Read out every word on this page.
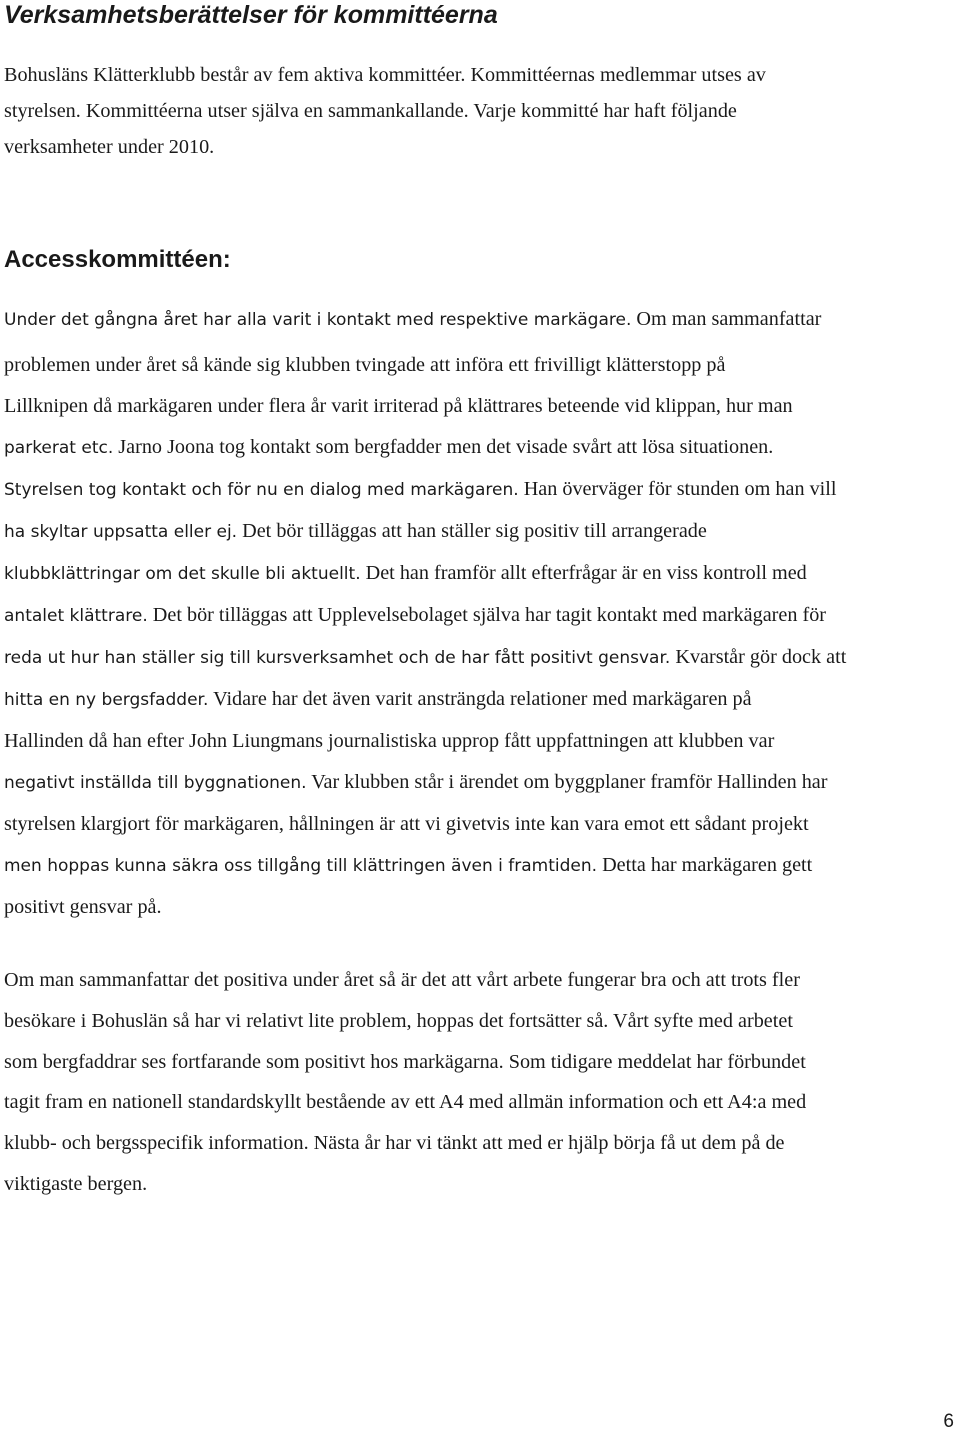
Verksamhetsberättelser för kommittéerna

Bohusläns Klätterklubb består av fem aktiva kommittéer. Kommittéernas medlemmar utses av
styrelsen. Kommittéerna utser själva en sammankallande. Varje kommitté har haft följande
verksamheter under 2010.

Accesskommittéen:

Under det gångna året har alla varit i kontakt med respektive markägare. Om man sammanfattar

problemen under året så kände sig klubben tvingade att införa ett frivilligt klätterstopp på
Lillknipen då markägaren under flera år varit irriterad på klättrares beteende vid klippan, hur man
parkerat etc. Jarno Joona tog kontakt som bergfadder men det visade svårt att lösa situationen.
Styrelsen tog kontakt och för nu en dialog med markägaren. Han överväger för stunden om han vill
ha skyltar uppsatta eller ej. Det bör tilläggas att han ställer sig positiv till arrangerade
klubbklättringar om det skulle bli aktuellt. Det han framför allt efterfrågar är en viss kontroll med
antalet klättrare. Det bör tilläggas att Upplevelsebolaget själva har tagit kontakt med markägaren för
reda ut hur han ställer sig till kursverksamhet och de har fått positivt gensvar. Kvarstår gör dock att
hitta en ny bergsfadder. Vidare har det även varit ansträngda relationer med markägaren på
Hallinden då han efter John Liungmans journalistiska upprop fått uppfattningen att klubben var
negativt inställda till byggnationen. Var klubben står i ärendet om byggplaner framför Hallinden har
styrelsen klargjort för markägaren, hållningen är att vi givetvis inte kan vara emot ett sådant projekt
men hoppas kunna säkra oss tillgång till klättringen även i framtiden. Detta har markägaren gett
positivt gensvar på.

Om man sammanfattar det positiva under året så är det att vårt arbete fungerar bra och att trots fler
besökare i Bohuslän så har vi relativt lite problem, hoppas det fortsätter så. Vårt syfte med arbetet
som bergfaddrar ses fortfarande som positivt hos markägarna. Som tidigare meddelat har förbundet
tagit fram en nationell standardskyllt bestående av ett A4 med allmän information och ett A4:a med
klubb- och bergsspecifik information. Nästa år har vi tänkt att med er hjälp börja få ut dem på de
viktigaste bergen.

6
